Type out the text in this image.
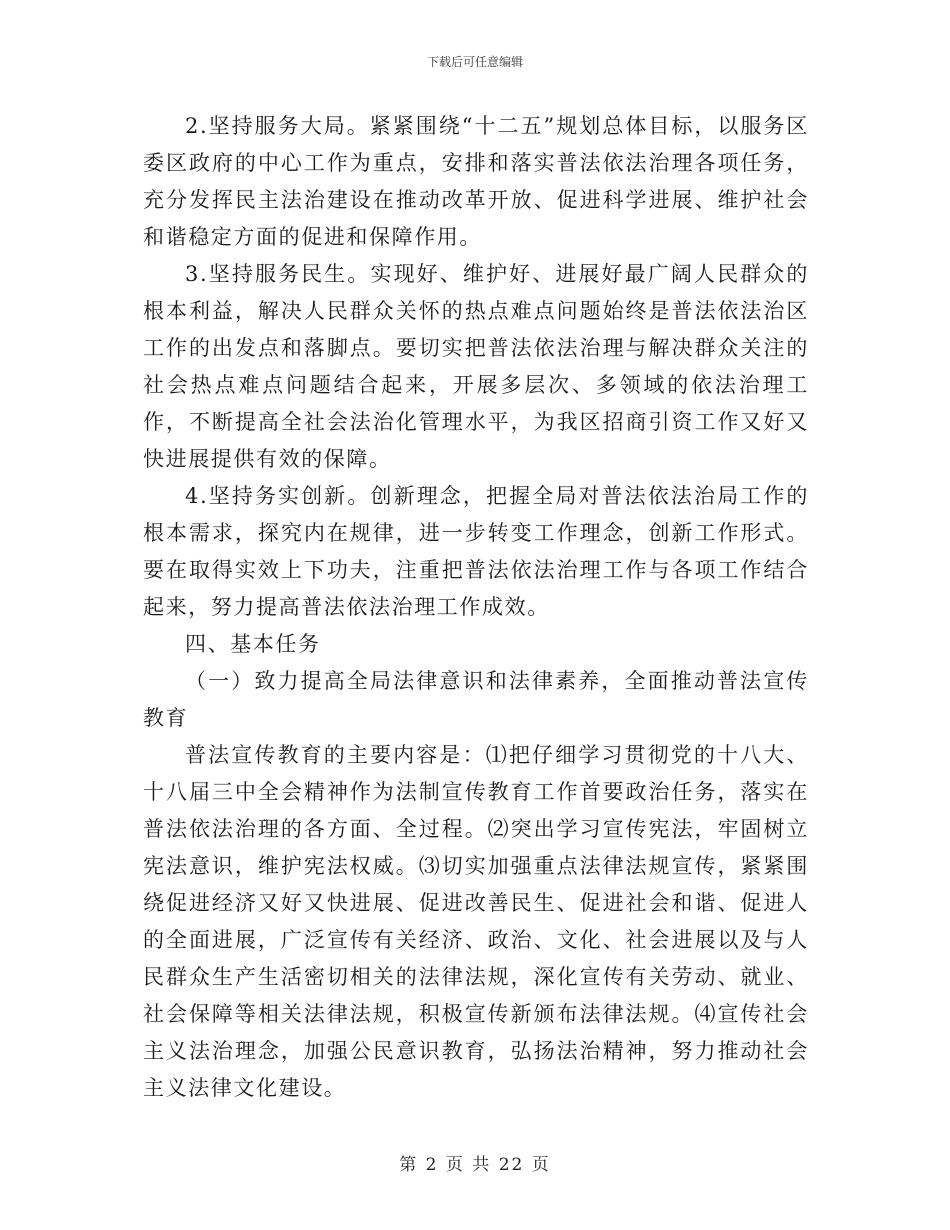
下载后可任意编辑

2.坚持服务大局。紧紧围绕“十二五”规划总体目标，以服务区委区政府的中心工作为重点，安排和落实普法依法治理各项任务，充分发挥民主法治建设在推动改革开放、促进科学进展、维护社会和谐稳定方面的促进和保障作用。

3.坚持服务民生。实现好、维护好、进展好最广阔人民群众的根本利益，解决人民群众关怀的热点难点问题始终是普法依法治区工作的出发点和落脚点。要切实把普法依法治理与解决群众关注的社会热点难点问题结合起来，开展多层次、多领域的依法治理工作，不断提高全社会法治化管理水平，为我区招商引资工作又好又快进展提供有效的保障。

4.坚持务实创新。创新理念，把握全局对普法依法治局工作的根本需求，探究内在规律，进一步转变工作理念，创新工作形式。要在取得实效上下功夫，注重把普法依法治理工作与各项工作结合起来，努力提高普法依法治理工作成效。

四、基本任务

（一）致力提高全局法律意识和法律素养，全面推动普法宣传教育

普法宣传教育的主要内容是：⑴把仔细学习贯彻党的十八大、十八届三中全会精神作为法制宣传教育工作首要政治任务，落实在普法依法治理的各方面、全过程。⑵突出学习宣传宪法，牢固树立宪法意识，维护宪法权威。⑶切实加强重点法律法规宣传，紧紧围绕促进经济又好又快进展、促进改善民生、促进社会和谐、促进人的全面进展，广泛宣传有关经济、政治、文化、社会进展以及与人民群众生产生活密切相关的法律法规，深化宣传有关劳动、就业、社会保障等相关法律法规，积极宣传新颁布法律法规。⑷宣传社会主义法治理念，加强公民意识教育，弘扬法治精神，努力推动社会主义法律文化建设。

第 2 页 共 22 页
